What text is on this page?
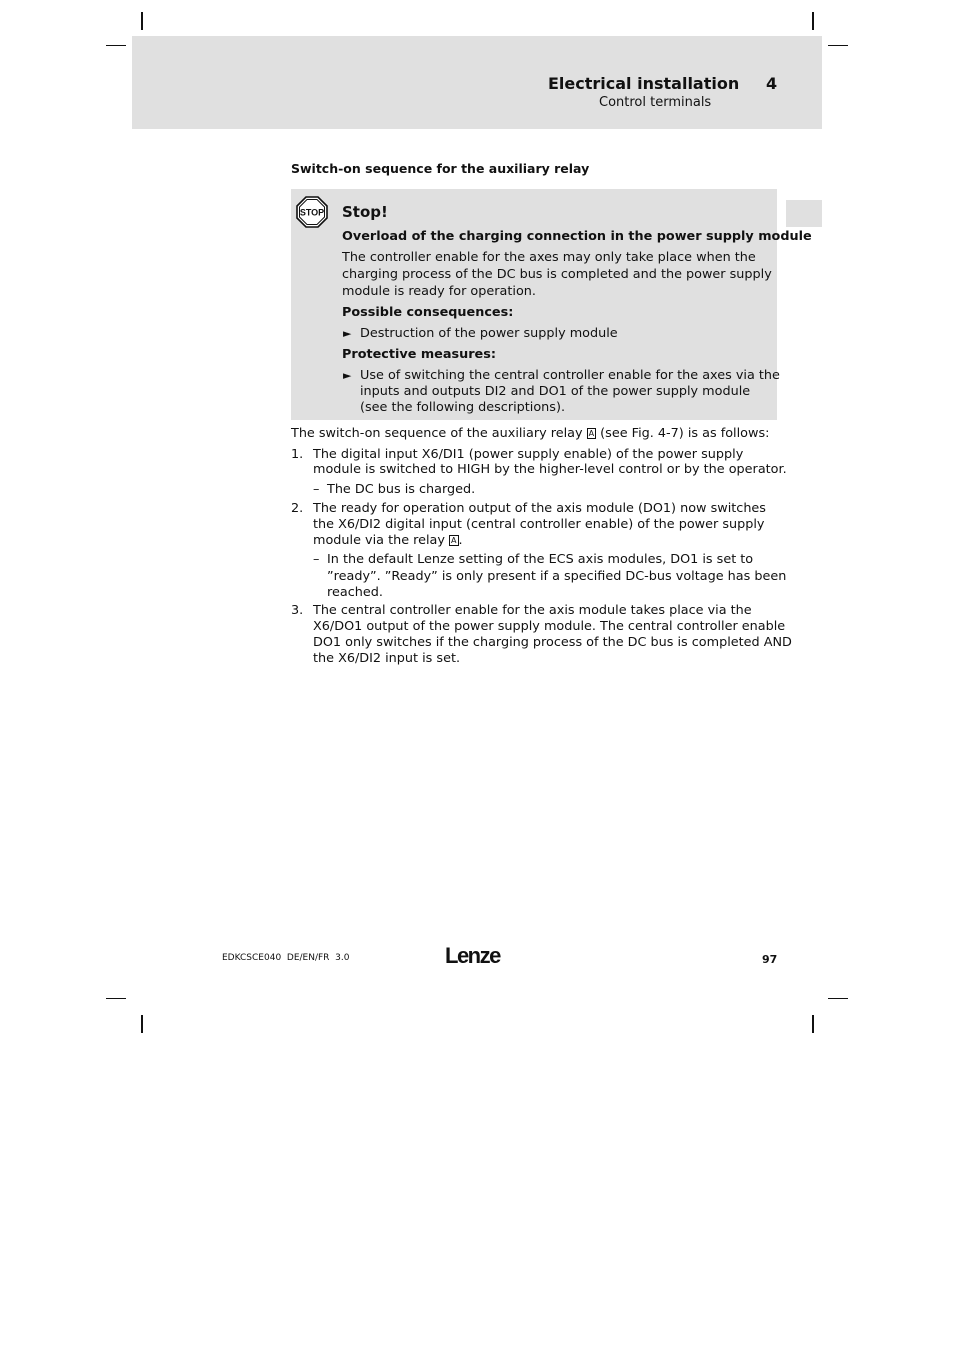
Electrical installation 4
Control terminals
Switch-on sequence for the auxiliary relay
STOP Stop!
Overload of the charging connection in the power supply module
The controller enable for the axes may only take place when the
charging process of the DC bus is completed and the power supply
module is ready for operation.
Possible consequences:
► Destruction of the power supply module
Protective measures:
► Use of switching the central controller enable for the axes via the
inputs and outputs DI2 and DO1 of the power supply module
(see the following descriptions).
The switch-on sequence of the auxiliary relay A (see Fig. 4-7) is as follows:
1. The digital input X6/DI1 (power supply enable) of the power supply
module is switched to HIGH by the higher-level control or by the operator.
– The DC bus is charged.
2. The ready for operation output of the axis module (DO1) now switches
the X6/DI2 digital input (central controller enable) of the power supply
module via the relay A .
– In the default Lenze setting of the ECS axis modules, DO1 is set to
”ready”. ”Ready” is only present if a specified DC-bus voltage has been
reached.
3. The central controller enable for the axis module takes place via the
X6/DO1 output of the power supply module. The central controller enable
DO1 only switches if the charging process of the DC bus is completed AND
the X6/DI2 input is set.
EDKCSCE040  DE/EN/FR  3.0	Lenze	97
